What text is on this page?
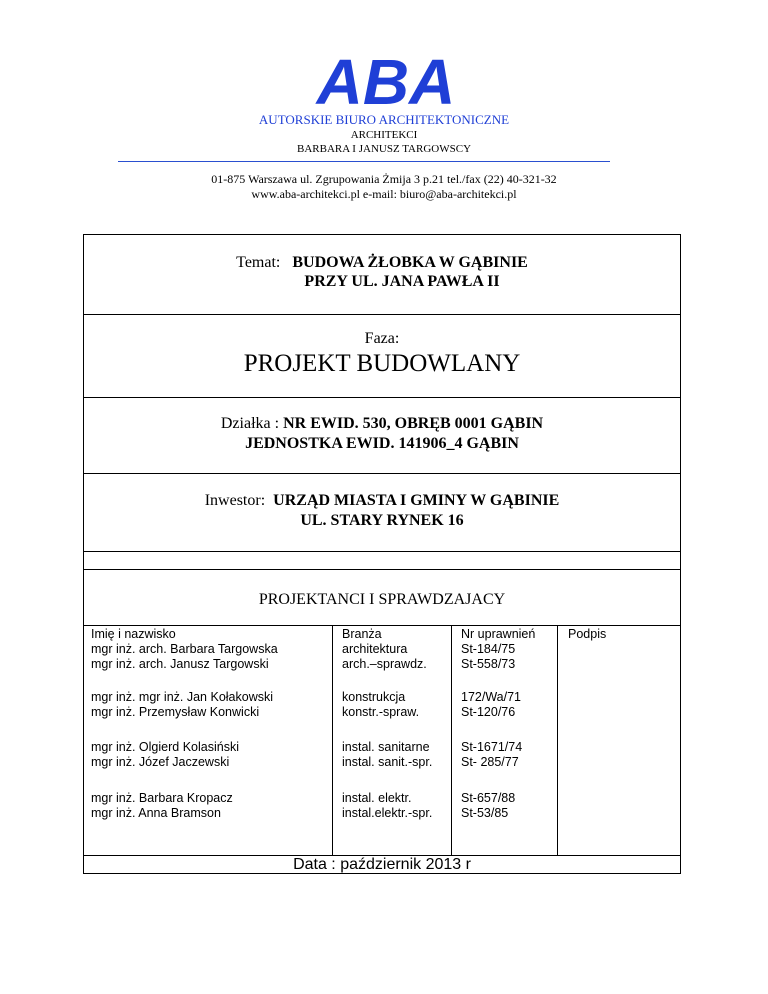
ABA
AUTORSKIE BIURO ARCHITEKTONICZNE
ARCHITEKCI
BARBARA I JANUSZ TARGOWSCY
01-875 Warszawa ul. Zgrupowania Żmija 3 p.21 tel./fax (22) 40-321-32
www.aba-architekci.pl e-mail: biuro@aba-architekci.pl
Temat: BUDOWA ŻŁOBKA W GĄBINIE
PRZY UL. JANA PAWŁA II
Faza:
PROJEKT BUDOWLANY
Działka : NR EWID. 530, OBRĘB 0001 GĄBIN
JEDNOSTKA EWID. 141906_4 GĄBIN
Inwestor: URZĄD MIASTA I GMINY W GĄBINIE
UL. STARY RYNEK 16
PROJEKTANCI I SPRAWDZAJACY
Imię i nazwisko
mgr inż. arch. Barbara Targowska
mgr inż. arch. Janusz Targowski
Branża
architektura
arch.–sprawdz.
Nr uprawnień
St-184/75
St-558/73
Podpis
mgr inż. mgr inż. Jan Kołakowski
mgr inż. Przemysław Konwicki
konstrukcja
konstr.-spraw.
172/Wa/71
St-120/76
mgr inż. Olgierd Kolasiński
mgr inż. Józef Jaczewski
instal. sanitarne
instal. sanit.-spr.
St-1671/74
St- 285/77
mgr inż. Barbara Kropacz
mgr inż. Anna Bramson
instal. elektr.
instal.elektr.-spr.
St-657/88
St-53/85
Data : październik 2013 r
